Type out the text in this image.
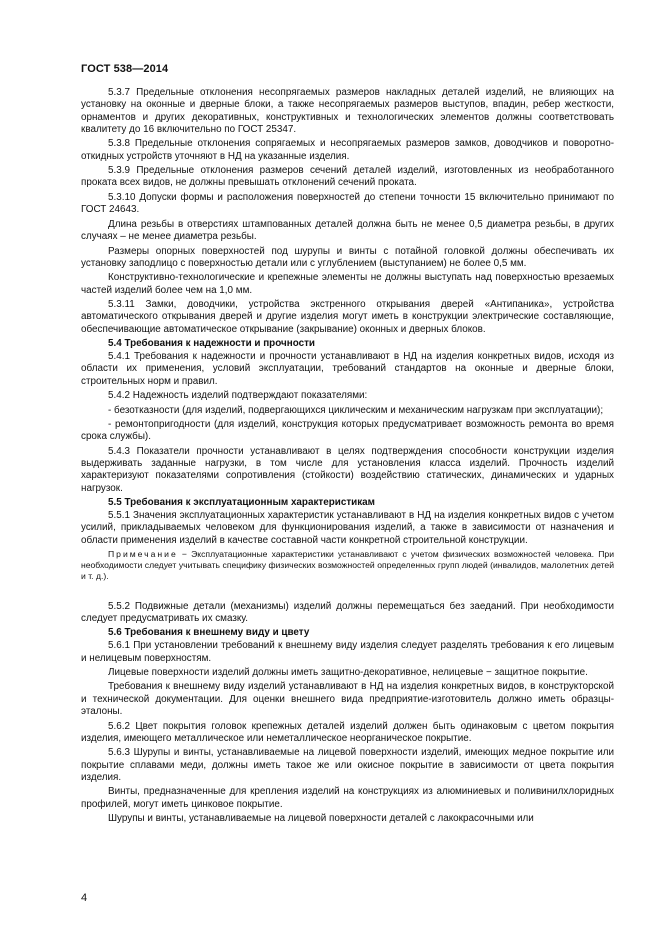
ГОСТ 538—2014

5.3.7 Предельные отклонения несопрягаемых размеров накладных деталей изделий, не влияющих на установку на оконные и дверные блоки, а также несопрягаемых размеров выступов, впадин, ребер жесткости, орнаментов и других декоративных, конструктивных и технологических элементов должны соответствовать квалитету до 16 включительно по ГОСТ 25347.

5.3.8 Предельные отклонения сопрягаемых и несопрягаемых размеров замков, доводчиков и поворотно-откидных устройств уточняют в НД на указанные изделия.

5.3.9 Предельные отклонения размеров сечений деталей изделий, изготовленных из необработанного проката всех видов, не должны превышать отклонений сечений проката.

5.3.10 Допуски формы и расположения поверхностей до степени точности 15 включительно принимают по ГОСТ 24643.

Длина резьбы в отверстиях штампованных деталей должна быть не менее 0,5 диаметра резьбы, в других случаях – не менее диаметра резьбы.

Размеры опорных поверхностей под шурупы и винты с потайной головкой должны обеспечивать их установку заподлицо с поверхностью детали или с углублением (выступанием) не более 0,5 мм.

Конструктивно-технологические и крепежные элементы не должны выступать над поверхностью врезаемых частей изделий более чем на 1,0 мм.

5.3.11 Замки, доводчики, устройства экстренного открывания дверей «Антипаника», устройства автоматического открывания дверей и другие изделия могут иметь в конструкции электрические составляющие, обеспечивающие автоматическое открывание (закрывание) оконных и дверных блоков.

5.4 Требования к надежности и прочности

5.4.1 Требования к надежности и прочности устанавливают в НД на изделия конкретных видов, исходя из области их применения, условий эксплуатации, требований стандартов на оконные и дверные блоки, строительных норм и правил.

5.4.2 Надежность изделий подтверждают показателями:

- безотказности (для изделий, подвергающихся циклическим и механическим нагрузкам при эксплуатации);

- ремонтопригодности (для изделий, конструкция которых предусматривает возможность ремонта во время срока службы).

5.4.3 Показатели прочности устанавливают в целях подтверждения способности конструкции изделия выдерживать заданные нагрузки, в том числе для установления класса изделий. Прочность изделий характеризуют показателями сопротивления (стойкости) воздействию статических, динамических и ударных нагрузок.

5.5 Требования к эксплуатационным характеристикам

5.5.1 Значения эксплуатационных характеристик устанавливают в НД на изделия конкретных видов с учетом усилий, прикладываемых человеком для функционирования изделий, а также в зависимости от назначения и области применения изделий в качестве составной части конкретной строительной конструкции.

Примечание − Эксплуатационные характеристики устанавливают с учетом физических возможностей человека. При необходимости следует учитывать специфику физических возможностей определенных групп людей (инвалидов, малолетних детей и т. д.).

5.5.2 Подвижные детали (механизмы) изделий должны перемещаться без заеданий. При необходимости следует предусматривать их смазку.

5.6 Требования к внешнему виду и цвету

5.6.1 При установлении требований к внешнему виду изделия следует разделять требования к его лицевым и нелицевым поверхностям.

Лицевые поверхности изделий должны иметь защитно-декоративное, нелицевые − защитное покрытие.

Требования к внешнему виду изделий устанавливают в НД на изделия конкретных видов, в конструкторской и технической документации. Для оценки внешнего вида предприятие-изготовитель должно иметь образцы-эталоны.

5.6.2 Цвет покрытия головок крепежных деталей изделий должен быть одинаковым с цветом покрытия изделия, имеющего металлическое или неметаллическое неорганическое покрытие.

5.6.3 Шурупы и винты, устанавливаемые на лицевой поверхности изделий, имеющих медное покрытие или покрытие сплавами меди, должны иметь такое же или окисное покрытие в зависимости от цвета покрытия изделия.

Винты, предназначенные для крепления изделий на конструкциях из алюминиевых и поливинилхлоридных профилей, могут иметь цинковое покрытие.

Шурупы и винты, устанавливаемые на лицевой поверхности деталей с лакокрасочными или

4
